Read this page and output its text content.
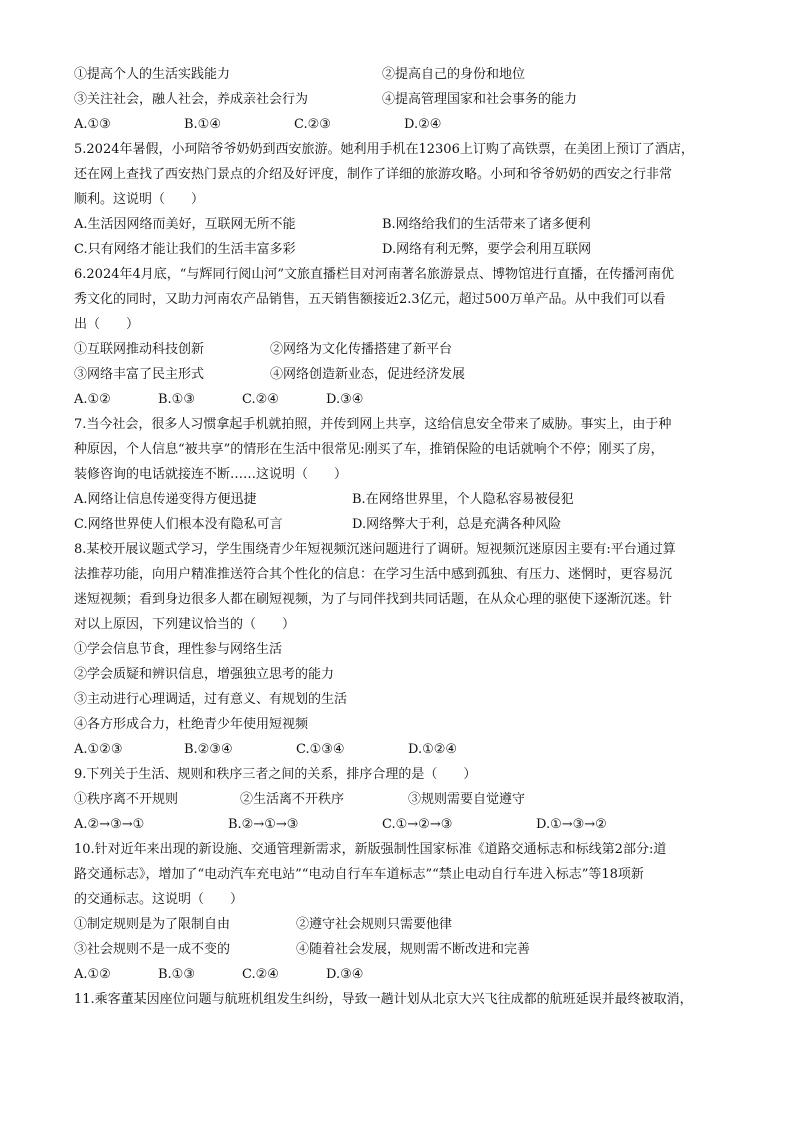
①提高个人的生活实践能力	②提高自己的身份和地位
③关注社会，融人社会，养成亲社会行为	④提高管理国家和社会事务的能力
A.①③	B.①④	C.②③	D.②④
5.2024年暑假，小珂陪爷爷奶奶到西安旅游。她利用手机在12306上订购了高铁票，在美团上预订了酒店，
还在网上查找了西安热门景点的介绍及好评度，制作了详细的旅游攻略。小珂和爷爷奶奶的西安之行非常
顺利。这说明（　　）
A.生活因网络而美好，互联网无所不能	B.网络给我们的生活带来了诸多便利
C.只有网络才能让我们的生活丰富多彩	D.网络有利无弊，要学会利用互联网
6.2024年4月底，“与辉同行阅山河”文旅直播栏目对河南著名旅游景点、博物馆进行直播，在传播河南优
秀文化的同时，又助力河南农产品销售，五天销售额接近2.3亿元，超过500万单产品。从中我们可以看
出（　　）
①互联网推动科技创新	②网络为文化传播搭建了新平台
③网络丰富了民主形式	④网络创造新业态，促进经济发展
A.①②	B.①③	C.②④	D.③④
7.当今社会，很多人习惯拿起手机就拍照，并传到网上共享，这给信息安全带来了威胁。事实上，由于种
种原因，个人信息“被共享”的情形在生活中很常见:刚买了车，推销保险的电话就响个不停；刚买了房，
装修咨询的电话就接连不断……这说明（　　）
A.网络让信息传递变得方便迅捷	B.在网络世界里，个人隐私容易被侵犯
C.网络世界使人们根本没有隐私可言	D.网络弊大于利，总是充满各种风险
8.某校开展议题式学习，学生围绕青少年短视频沉迷问题进行了调研。短视频沉迷原因主要有:平台通过算
法推荐功能，向用户精准推送符合其个性化的信息：在学习生活中感到孤独、有压力、迷惘时，更容易沉
迷短视频；看到身边很多人都在刷短视频，为了与同伴找到共同话题，在从众心理的驱使下逐渐沉迷。针
对以上原因，下列建议恰当的（　　）
①学会信息节食，理性参与网络生活
②学会质疑和辨识信息，增强独立思考的能力
③主动进行心理调适，过有意义、有规划的生活
④各方形成合力，杜绝青少年使用短视频
A.①②③	B.②③④	C.①③④	D.①②④
9.下列关于生活、规则和秩序三者之间的关系，排序合理的是（　　）
①秩序离不开规则	②生活离不开秩序	③规则需要自觉遵守
A.②→③→①	B.②→①→③	C.①→②→③	D.①→③→②
10.针对近年来出现的新设施、交通管理新需求，新版强制性国家标准《道路交通标志和标线第2部分:道
路交通标志》，增加了“电动汽车充电站”“电动自行车车道标志”“禁止电动自行车进入标志”等18项新
的交通标志。这说明（　　）
①制定规则是为了限制自由	②遵守社会规则只需要他律
③社会规则不是一成不变的	④随着社会发展，规则需不断改进和完善
A.①②	B.①③	C.②④	D.③④
11.乘客董某因座位问题与航班机组发生纠纷，导致一趟计划从北京大兴飞往成都的航班延误并最终被取消，
